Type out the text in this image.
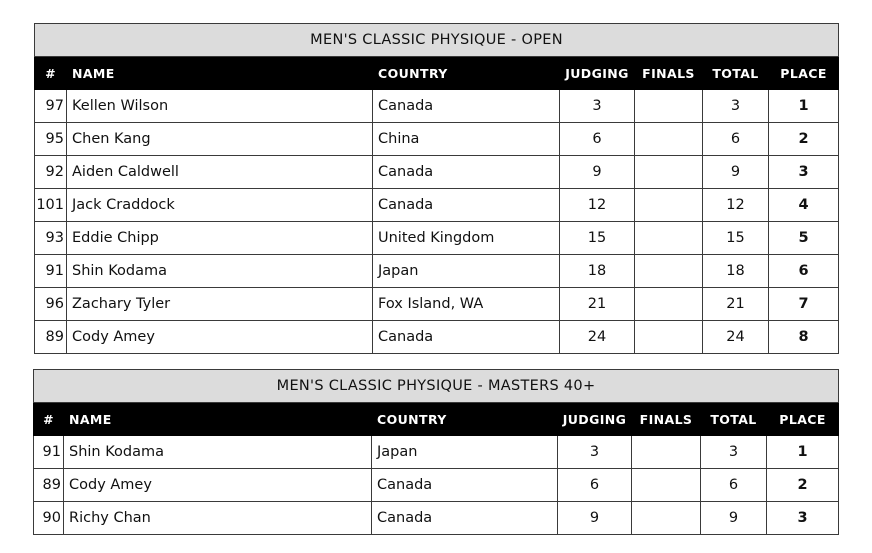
MEN'S CLASSIC PHYSIQUE - OPEN						
#	NAME	COUNTRY	JUDGING	FINALS	TOTAL	PLACE
97	Kellen Wilson	Canada	3		3	1
95	Chen Kang	China	6		6	2
92	Aiden Caldwell	Canada	9		9	3
101	Jack Craddock	Canada	12		12	4
93	Eddie Chipp	United Kingdom	15		15	5
91	Shin Kodama	Japan	18		18	6
96	Zachary Tyler	Fox Island, WA	21		21	7
89	Cody Amey	Canada	24		24	8
MEN'S CLASSIC PHYSIQUE - MASTERS 40+						
#	NAME	COUNTRY	JUDGING	FINALS	TOTAL	PLACE
91	Shin Kodama	Japan	3		3	1
89	Cody Amey	Canada	6		6	2
90	Richy Chan	Canada	9		9	3
